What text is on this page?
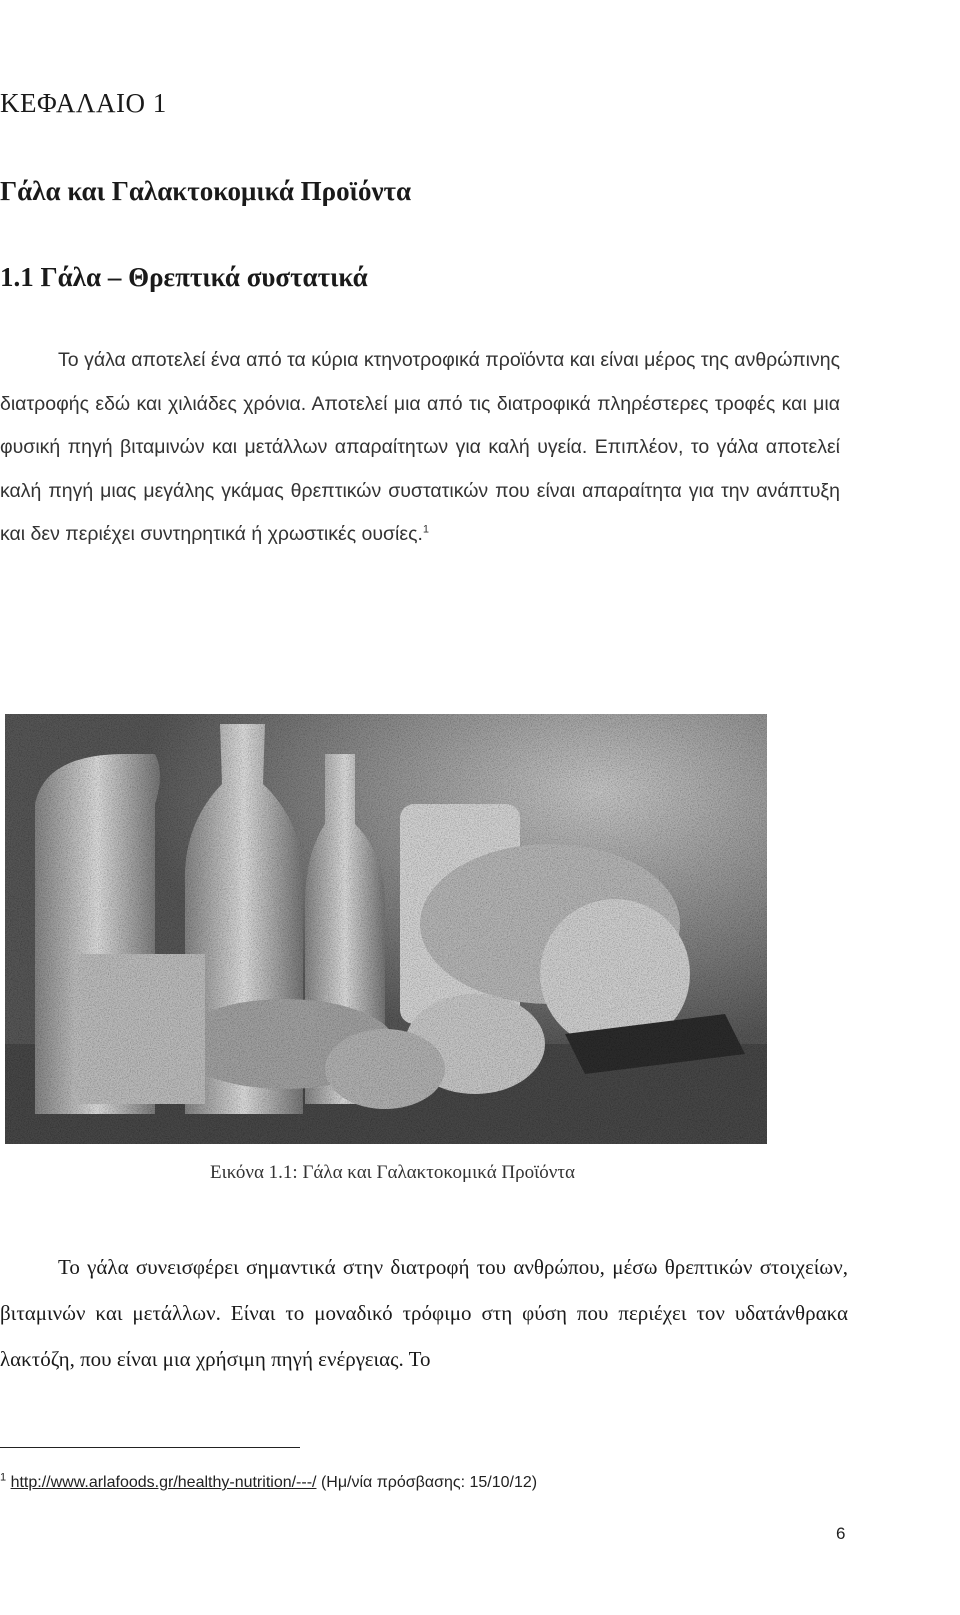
ΚΕΦΑΛΑΙΟ 1
Γάλα και Γαλακτοκομικά Προϊόντα
1.1 Γάλα – Θρεπτικά συστατικά

Το γάλα αποτελεί ένα από τα κύρια κτηνοτροφικά προϊόντα και είναι μέρος της ανθρώπινης διατροφής εδώ και χιλιάδες χρόνια. Αποτελεί μια από τις διατροφικά πληρέστερες τροφές και μια φυσική πηγή βιταμινών και μετάλλων απαραίτητων για καλή υγεία. Επιπλέον, το γάλα αποτελεί καλή πηγή μιας μεγάλης γκάμας θρεπτικών συστατικών που είναι απαραίτητα για την ανάπτυξη και δεν περιέχει συντηρητικά ή χρωστικές ουσίες.$^1$

Εικόνα 1.1: Γάλα και Γαλακτοκομικά Προϊόντα

Το γάλα συνεισφέρει σημαντικά στην διατροφή του ανθρώπου, μέσω θρεπτικών στοιχείων, βιταμινών και μετάλλων. Είναι το μοναδικό τρόφιμο στη φύση που περιέχει τον υδατάνθρακα λακτόζη, που είναι μια χρήσιμη πηγή ενέργειας. Το

$^1$ http://www.arlafoods.gr/healthy-nutrition/---/ (Ημ/νία πρόσβασης: 15/10/12)

6
